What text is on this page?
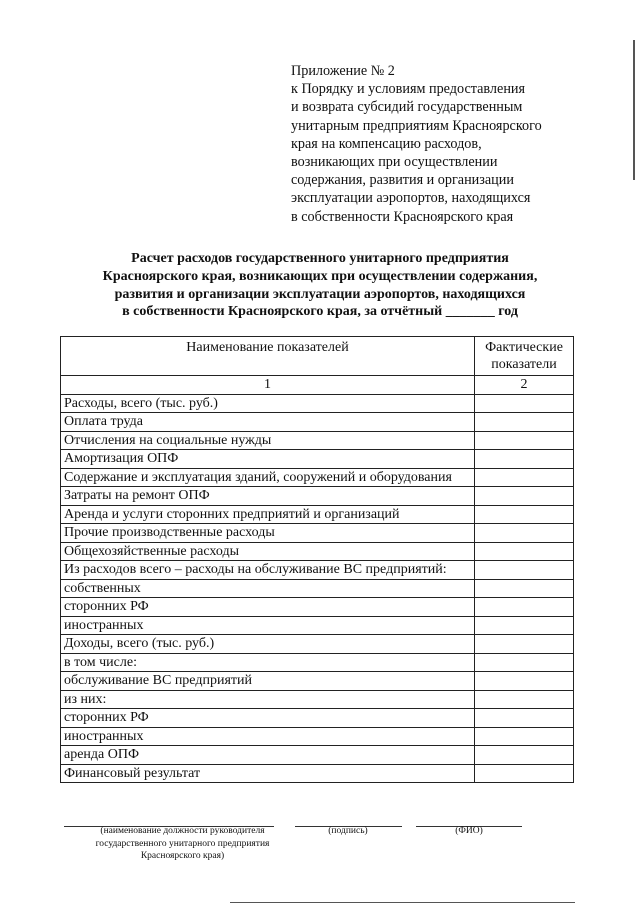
Приложение № 2
к Порядку и условиям предоставления
и возврата субсидий государственным
унитарным предприятиям Красноярского
края на компенсацию расходов,
возникающих при осуществлении
содержания, развития и организации
эксплуатации аэропортов, находящихся
в собственности Красноярского края
Расчет расходов государственного унитарного предприятия
Красноярского края, возникающих при осуществлении содержания,
развития и организации эксплуатации аэропортов, находящихся
в собственности Красноярского края, за отчётный _______ год
Наименование показателей	Фактические показатели
1	2
Расходы, всего (тыс. руб.)	
Оплата труда	
Отчисления на социальные нужды	
Амортизация ОПФ	
Содержание и эксплуатация зданий, сооружений и оборудования	
Затраты на ремонт ОПФ	
Аренда и услуги сторонних предприятий и организаций	
Прочие производственные расходы	
Общехозяйственные расходы	
Из расходов всего – расходы на обслуживание ВС предприятий:	
собственных	
сторонних РФ	
иностранных	
Доходы, всего (тыс. руб.)	
в том числе:	
обслуживание ВС предприятий	
из них:	
сторонних РФ	
иностранных	
аренда ОПФ	
Финансовый результат	
(наименование должности руководителя государственного унитарного предприятия Красноярского края)
(подпись)	(ФИО)
